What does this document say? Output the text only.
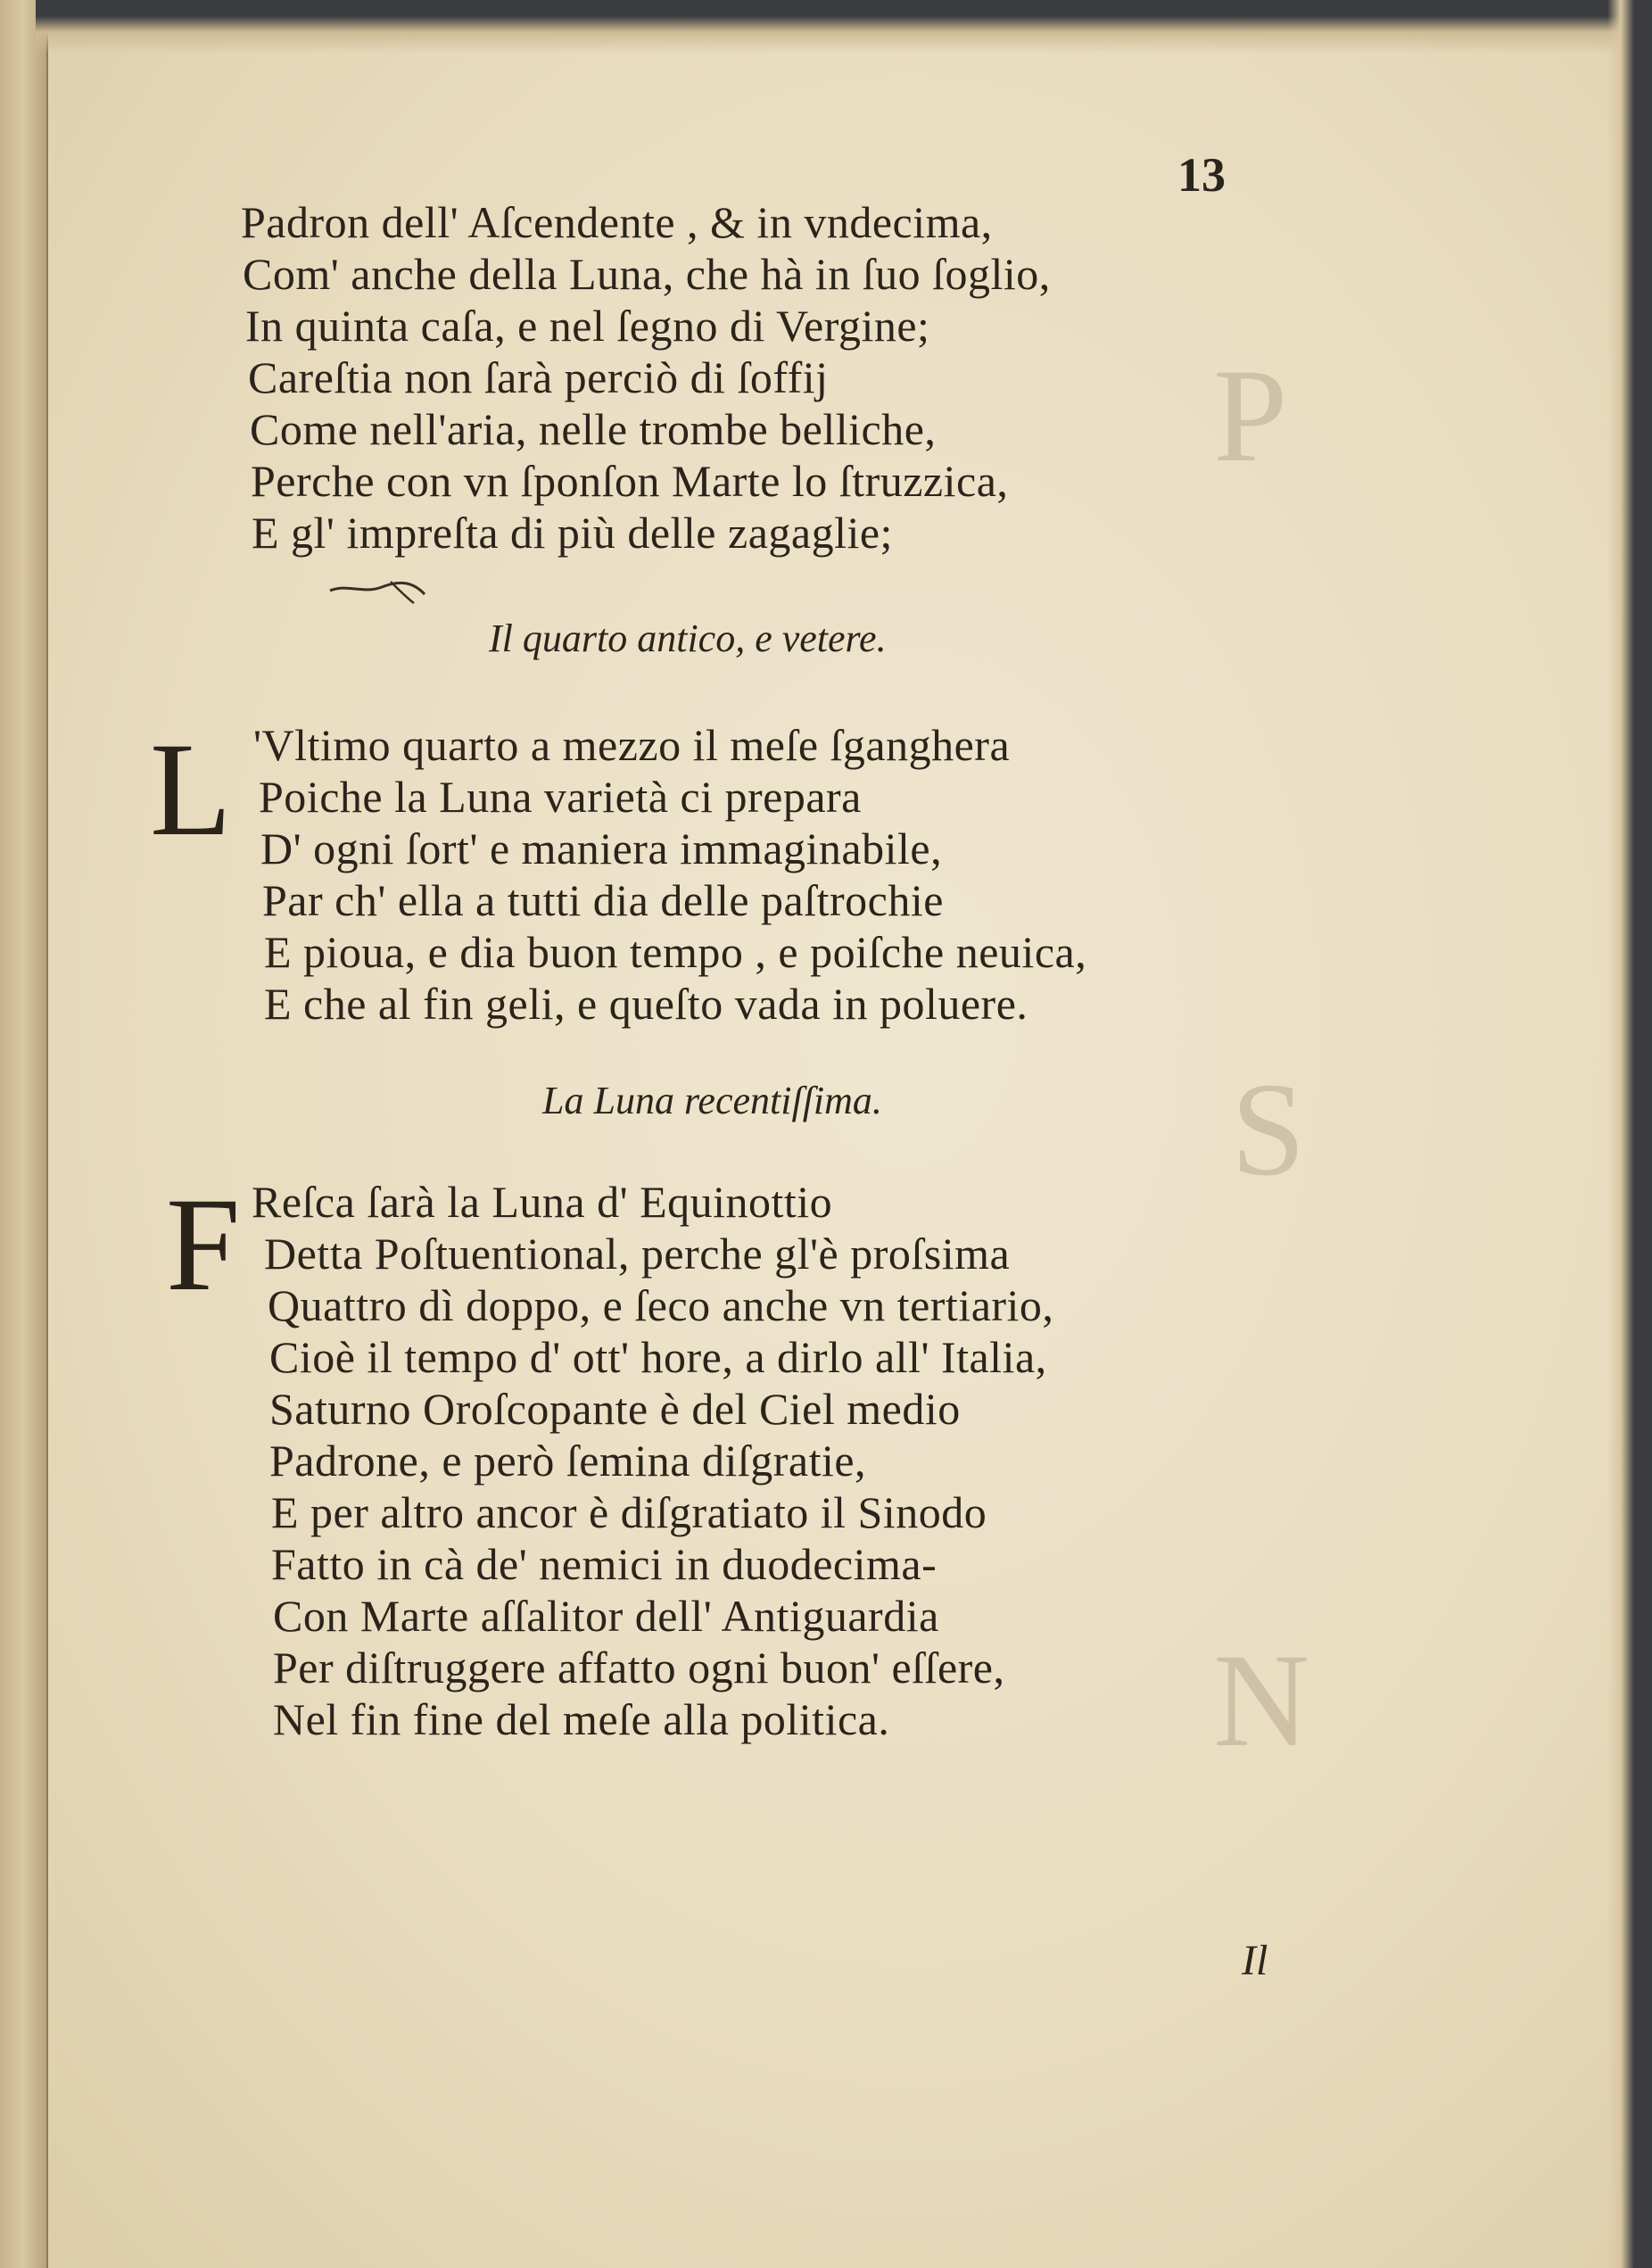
P
S
N
13
Padron dell' Aſcendente , & in vndecima,
Com' anche della Luna, che hà in ſuo ſoglio,
In quinta caſa, e nel ſegno di Vergine;
Careſtia non ſarà perciò di ſoffij
Come nell'aria, nelle trombe belliche,
Perche con vn ſponſon Marte lo ſtruzzica,
E gl' impreſta di più delle zagaglie;
Il quarto antico, e vetere.
L 'Vltimo quarto a mezzo il meſe ſganghera
Poiche la Luna varietà ci prepara
D' ogni ſort' e maniera immaginabile,
Par ch' ella a tutti dia delle paſtrochie
E pioua, e dia buon tempo , e poiſche neuica,
E che al fin geli, e queſto vada in poluere.
La Luna recentiſſima.
F Reſca ſarà la Luna d' Equinottio
Detta Poſtuentional, perche gl'è proſsima
Quattro dì doppo, e ſeco anche vn tertiario,
Cioè il tempo d' ott' hore, a dirlo all' Italia,
Saturno Oroſcopante è del Ciel medio
Padrone, e però ſemina diſgratie,
E per altro ancor è diſgratiato il Sinodo
Fatto in cà de' nemici in duodecima-
Con Marte aſſalitor dell' Antiguardia
Per diſtruggere affatto ogni buon' eſſere,
Nel fin fine del meſe alla politica.
Il
